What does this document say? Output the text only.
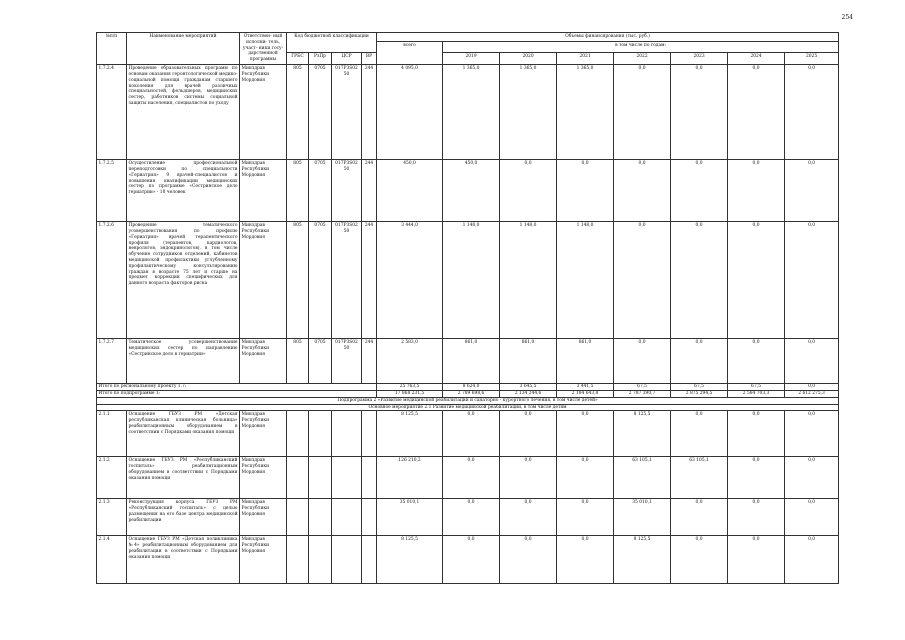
254
№п/п	Наименование мероприятий	Ответствен- ный исполни- тель, участ- ники госу- дарственной программы	Код бюджетной классификации				Объемы финансирования (тыс. руб.)							
							всего	в том числе по годам:						
			ГРБС	РзПр	ЦСР	ВР		2019	2020	2021	2022	2023	2024	2025

1.7.2.4	Проведение образовательных программ по основам оказания геронтологической медико-социальной помощи гражданам старшего поколения для врачей различных специальностей, фельдшеров, медицинских сестер, работников системы социальной защиты населения, специалистов по уходу	Минздрав Республики Мордовия	805	0705	017P3S02 50	244	4 095,0	1 365,0	1 365,0	1 365,0	0,0	0,0	0,0	0,0
1.7.2.5	Осуществление профессиональной переподготовки по специальности «Гериатрия» 9 врачей-специалистов и повышения квалификации медицинских сестер по программе «Сестринское дело гериатрии» - 18 человек	Минздрав Республики Мордовия	805	0705	017P3S02 50	244	450,0	450,0	0,0	0,0	0,0	0,0	0,0	0,0
1.7.2.6	Проведение тематического усовершенствования по профилю «Гериатрия» врачей терапевтического профиля (терапевтов, кардиологов, неврологов, эндокринологов), в том числе обучение сотрудников отделений, кабинетов медицинской профилактики углубленному профилактическому консультированию граждан в возрасте 75 лет и старше на предмет коррекции специфических для данного возраста факторов риска	Минздрав Республики Мордовия	805	0705	017P3S02 50	244	3 444,0	1 148,0	1 148,0	1 148,0	0,0	0,0	0,0	0,0
1.7.2.7	Тематическое усовершенствование медицинских сестер по направлению «Сестринское дело в гериатрии»	Минздрав Республики Мордовия	805	0705	017P3S02 50	244	2 583,0	861,0	861,0	861,0	0,0	0,0	0,0	0,0
Итого по региональному проекту 1.7:							25 763,5	8 624,0	3 645,5	3 441,5	67,5	67,5	67,5	0,0
Итого по подпрограмме 1:							17 868 231,5	2 789 698,6	2 134 244,6	2 184 643,8	2 787 390,7	2 875 294,5	2 584 703,3	2 612 275,3
Подпрограмма 2 «Развитие медицинской реабилитации и санаторно - курортного лечения, в том числе детей»														
Основное мероприятие 2.1 Развитие медицинской реабилитации, в том числе детям														
2.1.1	Оснащение ГБУЗ РМ «Детская республиканская клиническая больница» реабилитационным оборудованием в соответствии с Порядками оказания помощи	Минздрав Республики Мордовия					8 125,5	0,0	0,0	0,0	8 125,5	0,0	0,0	0,0
2.1.2	Оснащение ГБУЗ РМ «Республиканский госпиталь» реабилитационным оборудованием в соответствии с Порядками оказания помощи	Минздрав Республики Мордовия					126 210,2	0,0	0,0	0,0	63 105,1	63 105,1	0,0	0,0
2.1.3	Реконструкция корпуса ГБУЗ РМ «Республиканский госпиталь» с целью размещения на его базе центра медицинской реабилитации	Минздрав Республики Мордовия					35 010,1	0,0	0,0	0,0	35 010,1	0,0	0,0	0,0
2.1.4	Оснащение ГБУЗ РМ «Детская поликлиника №4» реабилитационным оборудованием для реабилитации в соответствии с Порядками оказания помощи	Минздрав Республики Мордовия					8 125,5	0,0	0,0	0,0	8 125,5	0,0	0,0	0,0
